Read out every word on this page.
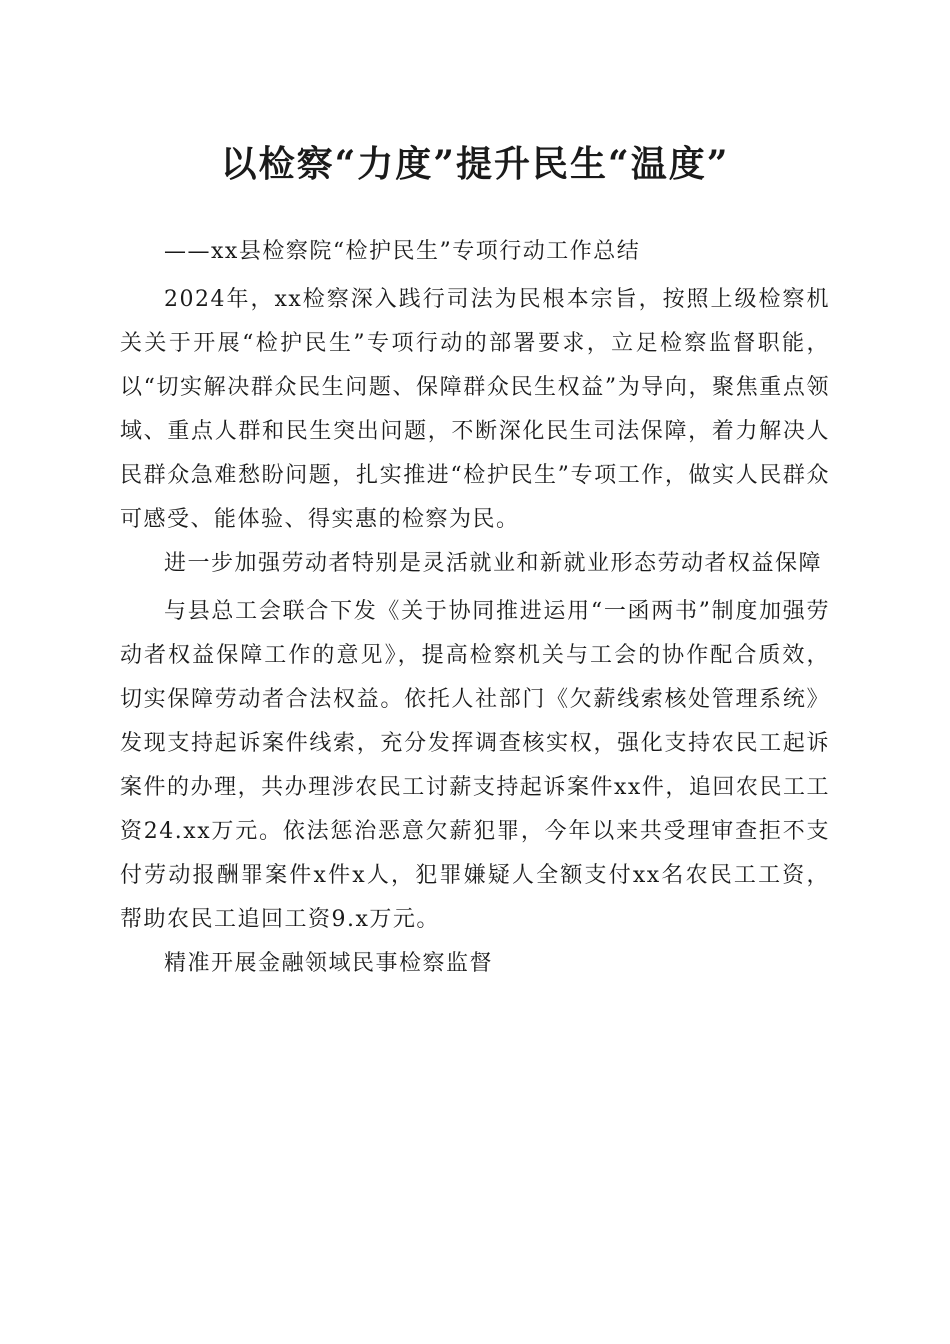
以检察“力度”提升民生“温度”

——xx县检察院“检护民生”专项行动工作总结

2024年，xx检察深入践行司法为民根本宗旨，按照上级检察机关关于开展“检护民生”专项行动的部署要求，立足检察监督职能，以“切实解决群众民生问题、保障群众民生权益”为导向，聚焦重点领域、重点人群和民生突出问题，不断深化民生司法保障，着力解决人民群众急难愁盼问题，扎实推进“检护民生”专项工作，做实人民群众可感受、能体验、得实惠的检察为民。

进一步加强劳动者特别是灵活就业和新就业形态劳动者权益保障

与县总工会联合下发《关于协同推进运用“一函两书”制度加强劳动者权益保障工作的意见》，提高检察机关与工会的协作配合质效，切实保障劳动者合法权益。依托人社部门《欠薪线索核处管理系统》发现支持起诉案件线索，充分发挥调查核实权，强化支持农民工起诉案件的办理，共办理涉农民工讨薪支持起诉案件xx件，追回农民工工资24.xx万元。依法惩治恶意欠薪犯罪，今年以来共受理审查拒不支付劳动报酬罪案件x件x人，犯罪嫌疑人全额支付xx名农民工工资，帮助农民工追回工资9.x万元。

精准开展金融领域民事检察监督
